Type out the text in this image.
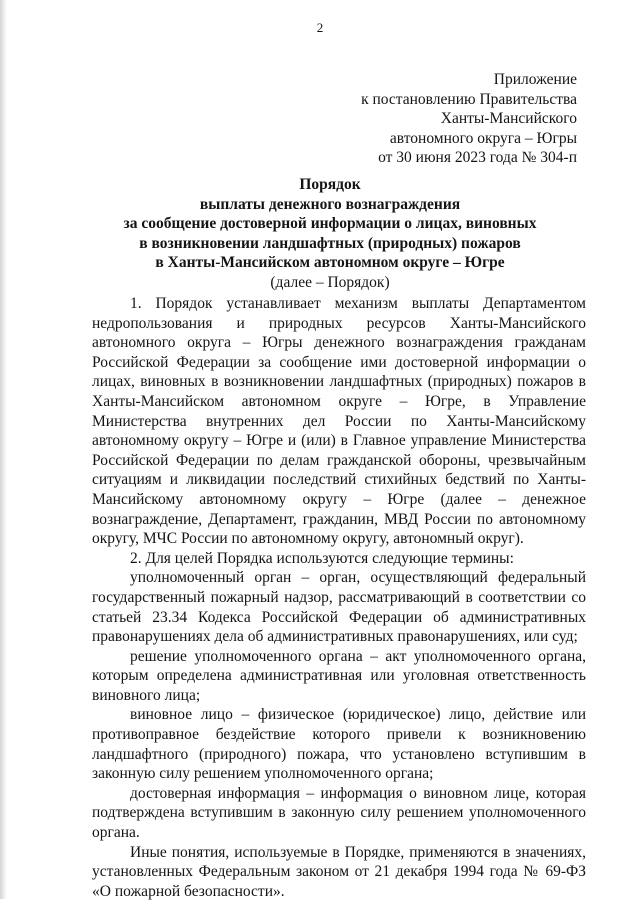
2
Приложение
к постановлению Правительства
Ханты-Мансийского
автономного округа – Югры
от 30 июня 2023 года № 304-п
Порядок
выплаты денежного вознаграждения
за сообщение достоверной информации о лицах, виновных
в возникновении ландшафтных (природных) пожаров
в Ханты-Мансийском автономном округе – Югре
(далее – Порядок)

1. Порядок устанавливает механизм выплаты Департаментом недропользования и природных ресурсов Ханты-Мансийского автономного округа – Югры денежного вознаграждения гражданам Российской Федерации за сообщение ими достоверной информации о лицах, виновных в возникновении ландшафтных (природных) пожаров в Ханты-Мансийском автономном округе – Югре, в Управление Министерства внутренних дел России по Ханты-Мансийскому автономному округу – Югре и (или) в Главное управление Министерства Российской Федерации по делам гражданской обороны, чрезвычайным ситуациям и ликвидации последствий стихийных бедствий по Ханты-Мансийскому автономному округу – Югре (далее – денежное вознаграждение, Департамент, гражданин, МВД России по автономному округу, МЧС России по автономному округу, автономный округ).

2. Для целей Порядка используются следующие термины:

уполномоченный орган – орган, осуществляющий федеральный государственный пожарный надзор, рассматривающий в соответствии со статьей 23.34 Кодекса Российской Федерации об административных правонарушениях дела об административных правонарушениях, или суд;

решение уполномоченного органа – акт уполномоченного органа, которым определена административная или уголовная ответственность виновного лица;

виновное лицо – физическое (юридическое) лицо, действие или противоправное бездействие которого привели к возникновению ландшафтного (природного) пожара, что установлено вступившим в законную силу решением уполномоченного органа;

достоверная информация – информация о виновном лице, которая подтверждена вступившим в законную силу решением уполномоченного органа.

Иные понятия, используемые в Порядке, применяются в значениях, установленных Федеральным законом от 21 декабря 1994 года № 69-ФЗ «О пожарной безопасности».
